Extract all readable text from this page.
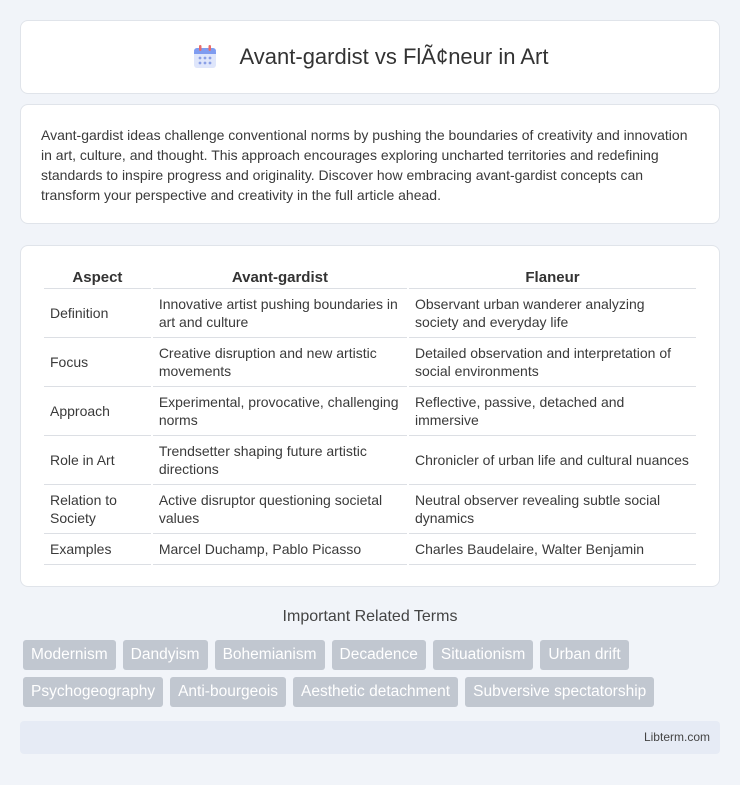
Avant-gardist vs FlÃ¢neur in Art

Avant-gardist ideas challenge conventional norms by pushing the boundaries of creativity and innovation in art, culture, and thought. This approach encourages exploring uncharted territories and redefining standards to inspire progress and originality. Discover how embracing avant-gardist concepts can transform your perspective and creativity in the full article ahead.

Aspect	Avant-gardist	Flaneur
Definition	Innovative artist pushing boundaries in art and culture	Observant urban wanderer analyzing society and everyday life
Focus	Creative disruption and new artistic movements	Detailed observation and interpretation of social environments
Approach	Experimental, provocative, challenging norms	Reflective, passive, detached and immersive
Role in Art	Trendsetter shaping future artistic directions	Chronicler of urban life and cultural nuances
Relation to Society	Active disruptor questioning societal values	Neutral observer revealing subtle social dynamics
Examples	Marcel Duchamp, Pablo Picasso	Charles Baudelaire, Walter Benjamin
Important Related Terms
Modernism	Dandyism	Bohemianism	Decadence	Situationism	Urban drift
Psychogeography	Anti-bourgeois	Aesthetic detachment	Subversive spectatorship
Libterm.com
